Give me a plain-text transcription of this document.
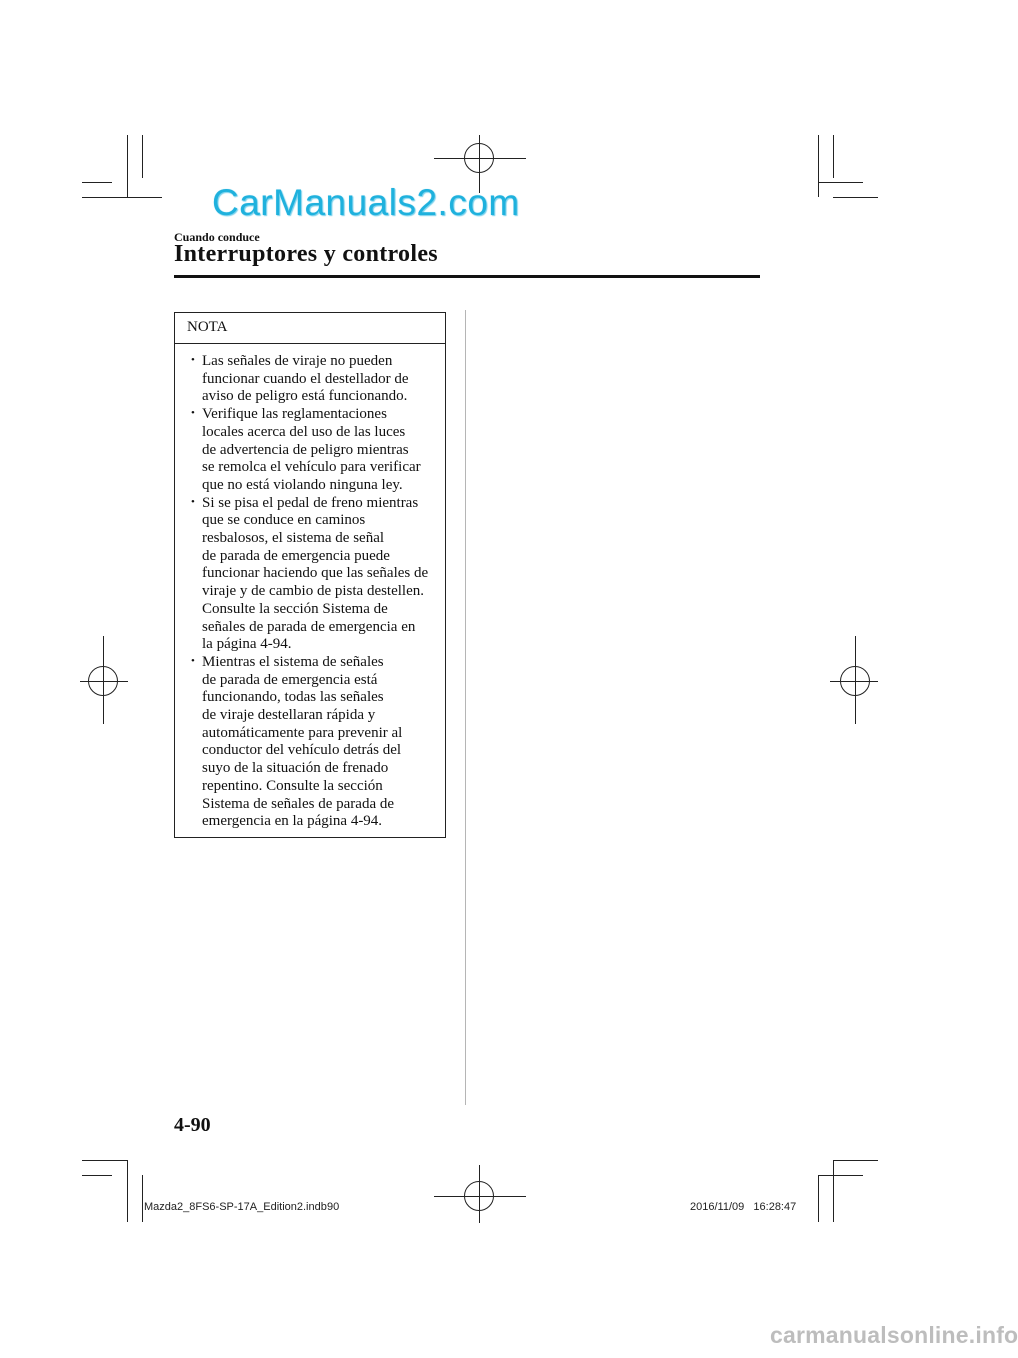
CarManuals2.com
Cuando conduce
Interruptores y controles
NOTA
• Las señales de viraje no pueden
funcionar cuando el destellador de
aviso de peligro está funcionando.
• Verifique las reglamentaciones
locales acerca del uso de las luces
de advertencia de peligro mientras
se remolca el vehículo para verificar
que no está violando ninguna ley.
• Si se pisa el pedal de freno mientras
que se conduce en caminos
resbalosos, el sistema de señal
de parada de emergencia puede
funcionar haciendo que las señales de
viraje y de cambio de pista destellen.
Consulte la sección Sistema de
señales de parada de emergencia en
la página 4-94.
• Mientras el sistema de señales
de parada de emergencia está
funcionando, todas las señales
de viraje destellaran rápida y
automáticamente para prevenir al
conductor del vehículo detrás del
suyo de la situación de frenado
repentino. Consulte la sección
Sistema de señales de parada de
emergencia en la página 4-94.
4-90
Mazda2_8FS6-SP-17A_Edition2.indb 90	2016/11/09   16:28:47
carmanualsonline.info
